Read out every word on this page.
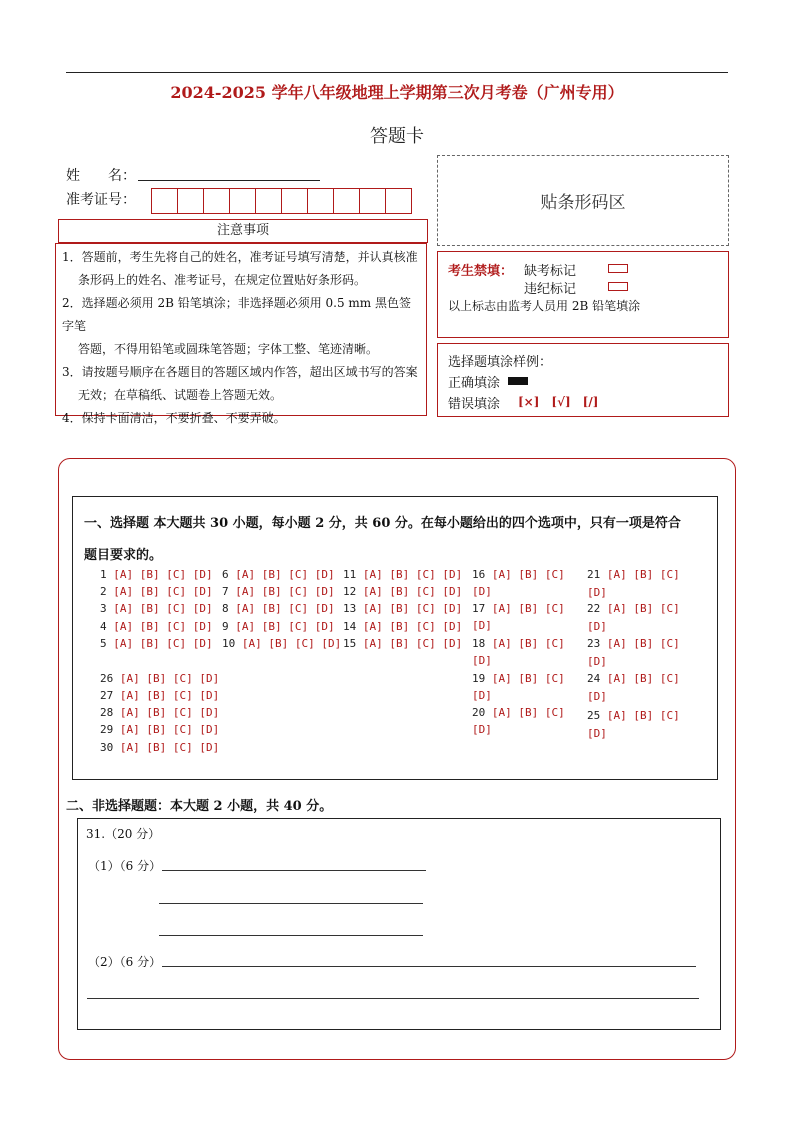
2024-2025 学年八年级地理上学期第三次月考卷（广州专用）
答题卡
姓　　名：
准考证号：	贴条形码区
注意事项

1．答题前，考生先将自己的姓名，准考证号填写清楚，并认真核准

条形码上的姓名、准考证号，在规定位置贴好条形码。

2．选择题必须用 2B 铅笔填涂；非选择题必须用 0.5 mm 黑色签字笔

答题，不得用铅笔或圆珠笔答题；字体工整、笔迹清晰。

3．请按题号顺序在各题目的答题区域内作答，超出区域书写的答案

无效；在草稿纸、试题卷上答题无效。

4．保持卡面清洁，不要折叠、不要弄破。

考生禁填： 缺考标记
违纪标记
以上标志由监考人员用 2B 铅笔填涂
选择题填涂样例：
正确填涂
错误填涂 [×]　[√]　[/]
一、选择题 本大题共 30 小题，每小题 2 分，共 60 分。在每小题给出的四个选项中，只有一项是符合
题目要求的。
1 [A] [B] [C] [D]
2 [A] [B] [C] [D]
3 [A] [B] [C] [D]
4 [A] [B] [C] [D]
5 [A] [B] [C] [D]
6 [A] [B] [C] [D]
7 [A] [B] [C] [D]
8 [A] [B] [C] [D]
9 [A] [B] [C] [D]
10 [A] [B] [C] [D]
11 [A] [B] [C] [D]
12 [A] [B] [C] [D]
13 [A] [B] [C] [D]
14 [A] [B] [C] [D]
15 [A] [B] [C] [D]
26 [A] [B] [C] [D]
27 [A] [B] [C] [D]
28 [A] [B] [C] [D]
29 [A] [B] [C] [D]
30 [A] [B] [C] [D]
16 [A] [B] [C]
[D]
17 [A] [B] [C]
[D]
18 [A] [B] [C]
[D]
19 [A] [B] [C]
[D]
20 [A] [B] [C]
[D]
21 [A] [B] [C]
[D]
22 [A] [B] [C]
[D]
23 [A] [B] [C]
[D]
24 [A] [B] [C]
[D]
25 [A] [B] [C]
[D]
二、非选择题题：本大题 2 小题，共 40 分。
31.（20 分）
（1）（6 分）
（2）（6 分）
